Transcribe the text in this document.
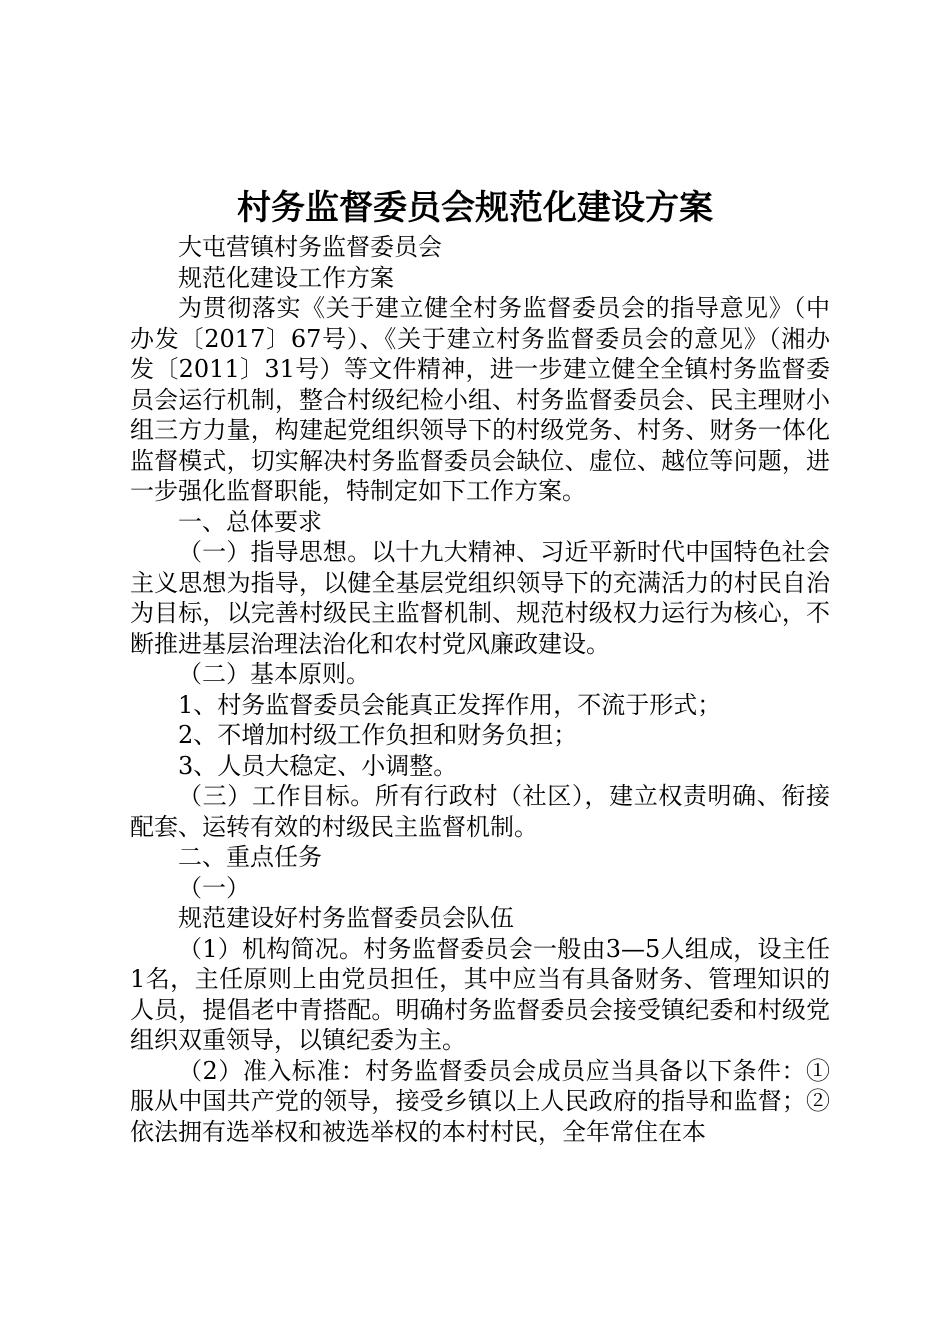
村务监督委员会规范化建设方案

大屯营镇村务监督委员会

规范化建设工作方案

为贯彻落实《关于建立健全村务监督委员会的指导意见》（中办发〔2017〕67号）、《关于建立村务监督委员会的意见》（湘办发〔2011〕31号）等文件精神，进一步建立健全全镇村务监督委员会运行机制，整合村级纪检小组、村务监督委员会、民主理财小组三方力量，构建起党组织领导下的村级党务、村务、财务一体化监督模式，切实解决村务监督委员会缺位、虚位、越位等问题，进一步强化监督职能，特制定如下工作方案。

一、总体要求

（一）指导思想。以十九大精神、习近平新时代中国特色社会主义思想为指导，以健全基层党组织领导下的充满活力的村民自治为目标，以完善村级民主监督机制、规范村级权力运行为核心，不断推进基层治理法治化和农村党风廉政建设。

（二）基本原则。

1、村务监督委员会能真正发挥作用，不流于形式；

2、不增加村级工作负担和财务负担；

3、人员大稳定、小调整。

（三）工作目标。所有行政村（社区），建立权责明确、衔接配套、运转有效的村级民主监督机制。

二、重点任务

（一）

规范建设好村务监督委员会队伍

（1）机构简况。村务监督委员会一般由3—5人组成，设主任1名，主任原则上由党员担任，其中应当有具备财务、管理知识的人员，提倡老中青搭配。明确村务监督委员会接受镇纪委和村级党组织双重领导，以镇纪委为主。

（2）准入标准：村务监督委员会成员应当具备以下条件：①服从中国共产党的领导，接受乡镇以上人民政府的指导和监督；②依法拥有选举权和被选举权的本村村民，全年常住在本
